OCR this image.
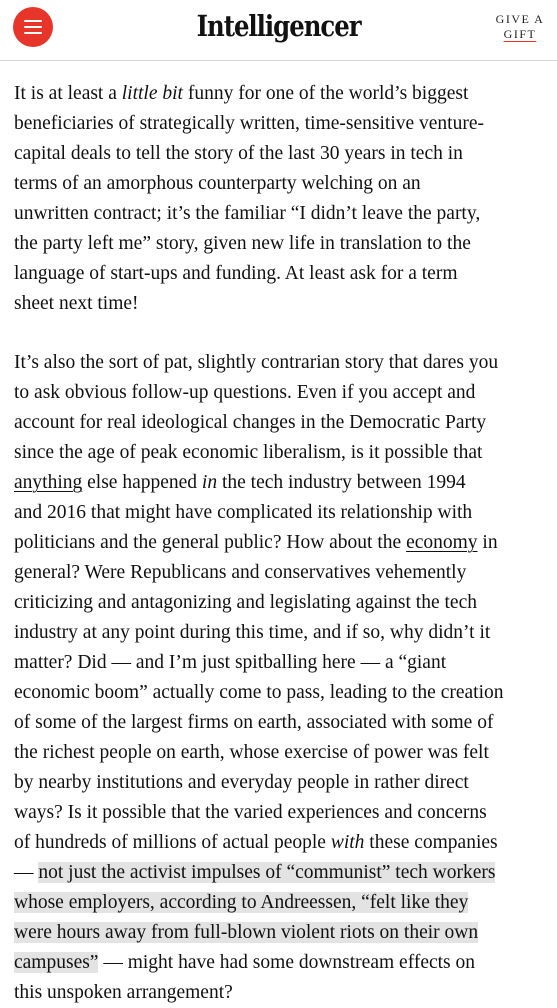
Intelligencer	GIVE A
GIFT

It is at least a little bit funny for one of the world’s biggest
beneficiaries of strategically written, time-sensitive venture-
capital deals to tell the story of the last 30 years in tech in
terms of an amorphous counterparty welching on an
unwritten contract; it’s the familiar “I didn’t leave the party,
the party left me” story, given new life in translation to the
language of start-ups and funding. At least ask for a term
sheet next time!

It’s also the sort of pat, slightly contrarian story that dares you
to ask obvious follow-up questions. Even if you accept and
account for real ideological changes in the Democratic Party
since the age of peak economic liberalism, is it possible that
anything else happened in the tech industry between 1994
and 2016 that might have complicated its relationship with
politicians and the general public? How about the economy in
general? Were Republicans and conservatives vehemently
criticizing and antagonizing and legislating against the tech
industry at any point during this time, and if so, why didn’t it
matter? Did — and I’m just spitballing here — a “giant
economic boom” actually come to pass, leading to the creation
of some of the largest firms on earth, associated with some of
the richest people on earth, whose exercise of power was felt
by nearby institutions and everyday people in rather direct
ways? Is it possible that the varied experiences and concerns
of hundreds of millions of actual people with these companies
— not just the activist impulses of “communist” tech workers
whose employers, according to Andreessen, “felt like they
were hours away from full-blown violent riots on their own
campuses” — might have had some downstream effects on
this unspoken arrangement?
